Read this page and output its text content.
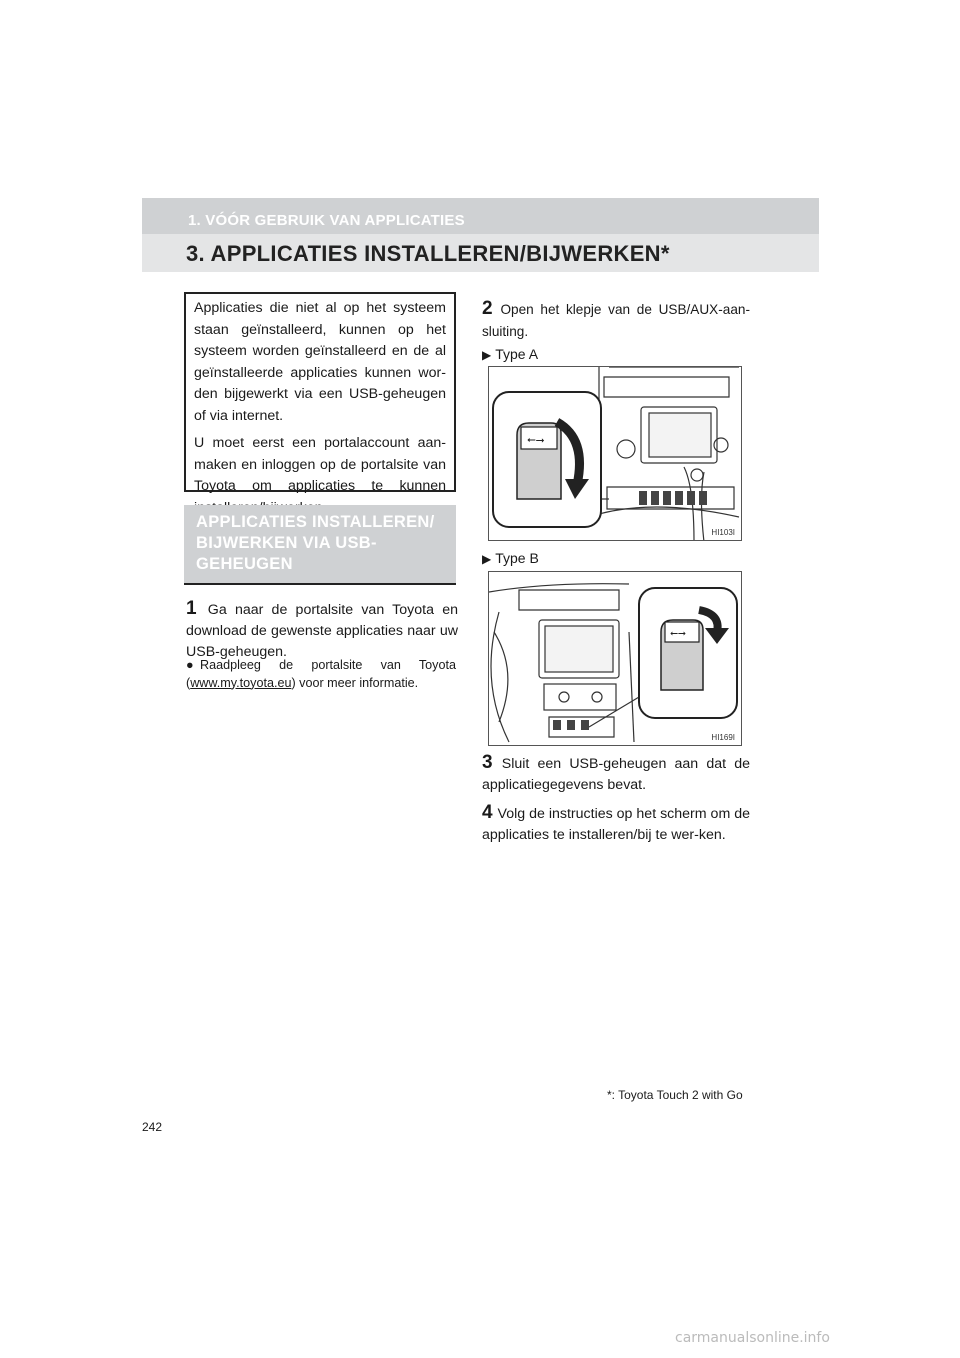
1. VÓÓR GEBRUIK VAN APPLICATIES
3. APPLICATIES INSTALLEREN/BIJWERKEN*

Applicaties die niet al op het systeem staan geïnstalleerd, kunnen op het systeem worden geïnstalleerd en de al geïnstalleerde applicaties kunnen wor-den bijgewerkt via een USB-geheugen of via internet.

U moet eerst een portalaccount aan-maken en inloggen op de portalsite van Toyota om applicaties te kunnen

APPLICATIES INSTALLEREN/
BIJWERKEN VIA USB-
GEHEUGEN
1 Ga naar de portalsite van Toyota en download de gewenste applicaties naar uw USB-geheugen.
● Raadpleeg de portalsite van Toyota (www.my.toyota.eu) voor meer informatie.
2 Open het klepje van de USB/AUX-aan-sluiting.
▶ Type A
⭠⭢
HI103I
▶ Type B
⭠⭢
HI169I
3 Sluit een USB-geheugen aan dat de applicatiegegevens bevat.
4 Volg de instructies op het scherm om de applicaties te installeren/bij te wer-ken.
*: Toyota Touch 2 with Go
242
carmanualsonline.info
